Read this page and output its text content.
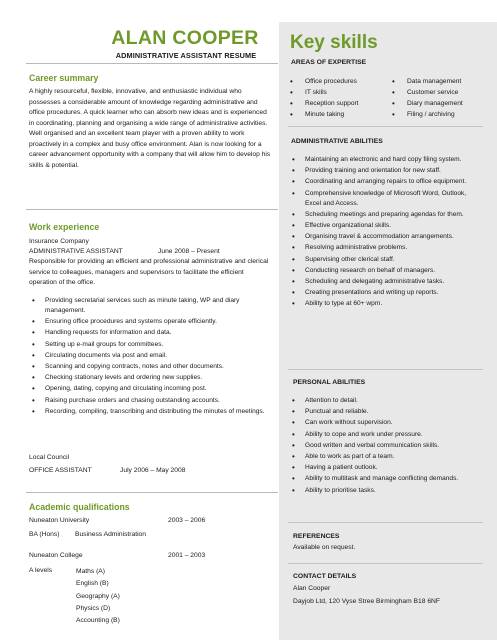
ALAN COOPER
ADMINISTRATIVE ASSISTANT RESUME
Career summary
A highly resourceful, flexible, innovative, and enthusiastic individual who possesses a considerable amount of knowledge regarding administrative and office procedures. A quick learner who can absorb new ideas and is experienced in coordinating, planning and organising a wide range of administrative activities. Well organised and an excellent team player with a proven ability to work proactively in a complex and busy office environment. Alan is now looking for a career advancement opportunity with a company that will allow him to develop his skills & potential.
Work experience
Insurance Company
ADMINISTRATIVE ASSISTANT	June 2008 – Present
Responsible for providing an efficient and professional administrative and clerical service to colleagues, managers and supervisors to facilitate the efficient operation of the office.
• Providing secretarial services such as minute taking, WP and diary management.
• Ensuring office procedures and systems operate efficiently.
• Handling requests for information and data.
• Setting up e-mail groups for committees.
• Circulating documents via post and email.
• Scanning and copying contracts, notes and other documents.
• Checking stationary levels and ordering new supplies.
• Opening, dating, copying and circulating incoming post.
• Raising purchase orders and chasing outstanding accounts.
• Recording, compiling, transcribing and distributing the minutes of meetings.
Local Council
OFFICE ASSISTANT	July 2006 – May 2008
Academic qualifications
Nuneaton University	2003 – 2006
BA (Hons) Business Administration
Nuneaton College	2001 – 2003
A levels	Maths (A)
English (B)
Geography (A)
Physics (D)
Accounting (B)
Key skills
AREAS OF EXPERTISE
• Office procedures
• IT skills
• Reception support
• Minute taking
• Data management
• Customer service
• Diary management
• Filing / archiving
ADMINISTRATIVE ABILITIES
• Maintaining an electronic and hard copy filing system.
• Providing training and orientation for new staff.
• Coordinating and arranging repairs to office equipment.
• Comprehensive knowledge of Microsoft Word, Outlook, Excel and Access.
• Scheduling meetings and preparing agendas for them.
• Effective organizational skills.
• Organising travel & accommodation arrangements.
• Resolving administrative problems.
• Supervising other clerical staff.
• Conducting research on behalf of managers.
• Scheduling and delegating administrative tasks.
• Creating presentations and writing up reports.
• Ability to type at 60+ wpm.
PERSONAL ABILITIES
• Attention to detail.
• Punctual and reliable.
• Can work without supervision.
• Ability to cope and work under pressure.
• Good written and verbal communication skills.
• Able to work as part of a team.
• Having a patient outlook.
• Ability to multitask and manage conflicting demands.
• Ability to prioritise tasks.
REFERENCES
Available on request.
CONTACT DETAILS
Alan Cooper
Dayjob Ltd, 120 Vyse Stree Birmingham B18 6NF
